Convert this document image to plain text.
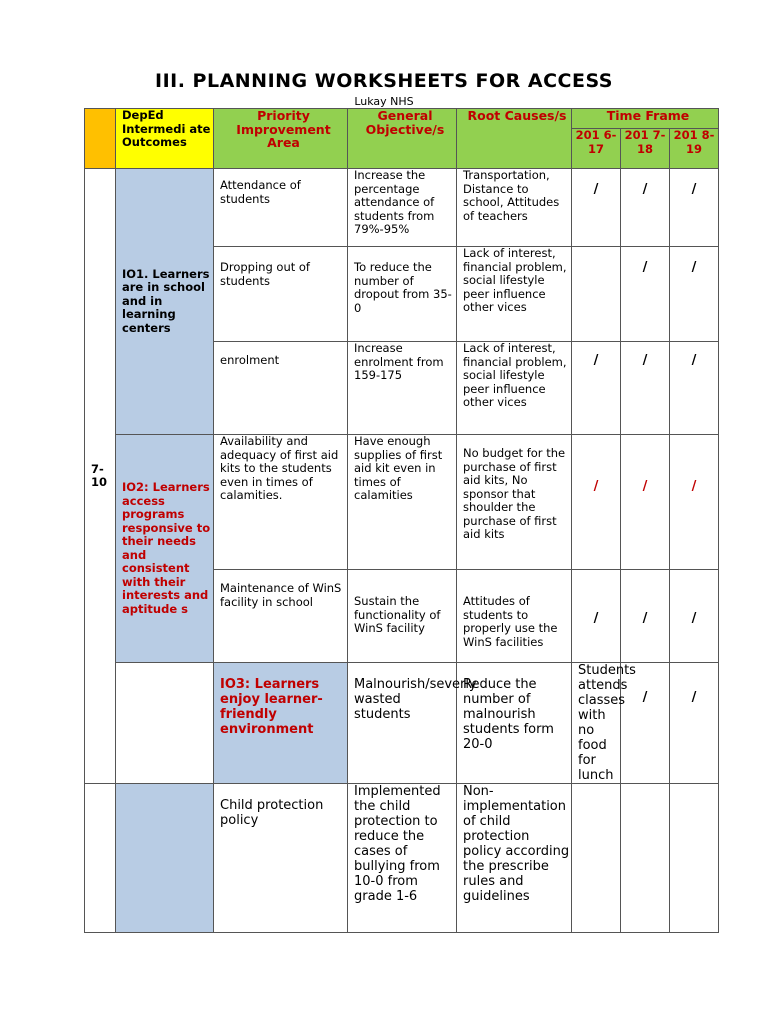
III. PLANNING WORKSHEETS FOR ACCESS
Lukay NHS
	DepEd Intermedi ate Outcomes	Priority Improvement Area	General Objective/s	Root Causes/s	Time Frame			
					201 6-17	201 7-18	201 8-19	
7-10	IO1. Learners are in school and in learning centers	Attendance of students	Increase the percentage attendance of students from 79%-95%	Transportation, Distance to school, Attitudes of teachers	/	/	/	
		Dropping out of students	To reduce the number of dropout from 35-0	Lack of interest, financial problem, social lifestyle peer influence other vices		/	/	
		enrolment	Increase enrolment from 159-175	Lack of interest, financial problem, social lifestyle peer influence other vices	/	/	/	
	IO2: Learners access programs responsive to their needs and consistent with their interests and aptitude s	Availability and adequacy of first aid kits to the students even in times of calamities.	Have enough supplies of first aid kit even in times of calamities	No budget for the purchase of first aid kits, No sponsor that shoulder the purchase of first aid kits	/	/	/	
		Maintenance of WinS facility in school	Sustain the functionality of WinS facility	Attitudes of students to properly use the WinS facilities	/	/	/	
		IO3: Learners enjoy learner-friendly environment	Malnourish/severly wasted students	Reduce the number of malnourish students form 20-0	Students attends classes with no food for lunch	/	/	
		Child protection policy	Implemented the child protection to reduce the cases of bullying from 10-0 from grade 1-6	Non-implementation of child protection policy according the prescribe rules and guidelines				
